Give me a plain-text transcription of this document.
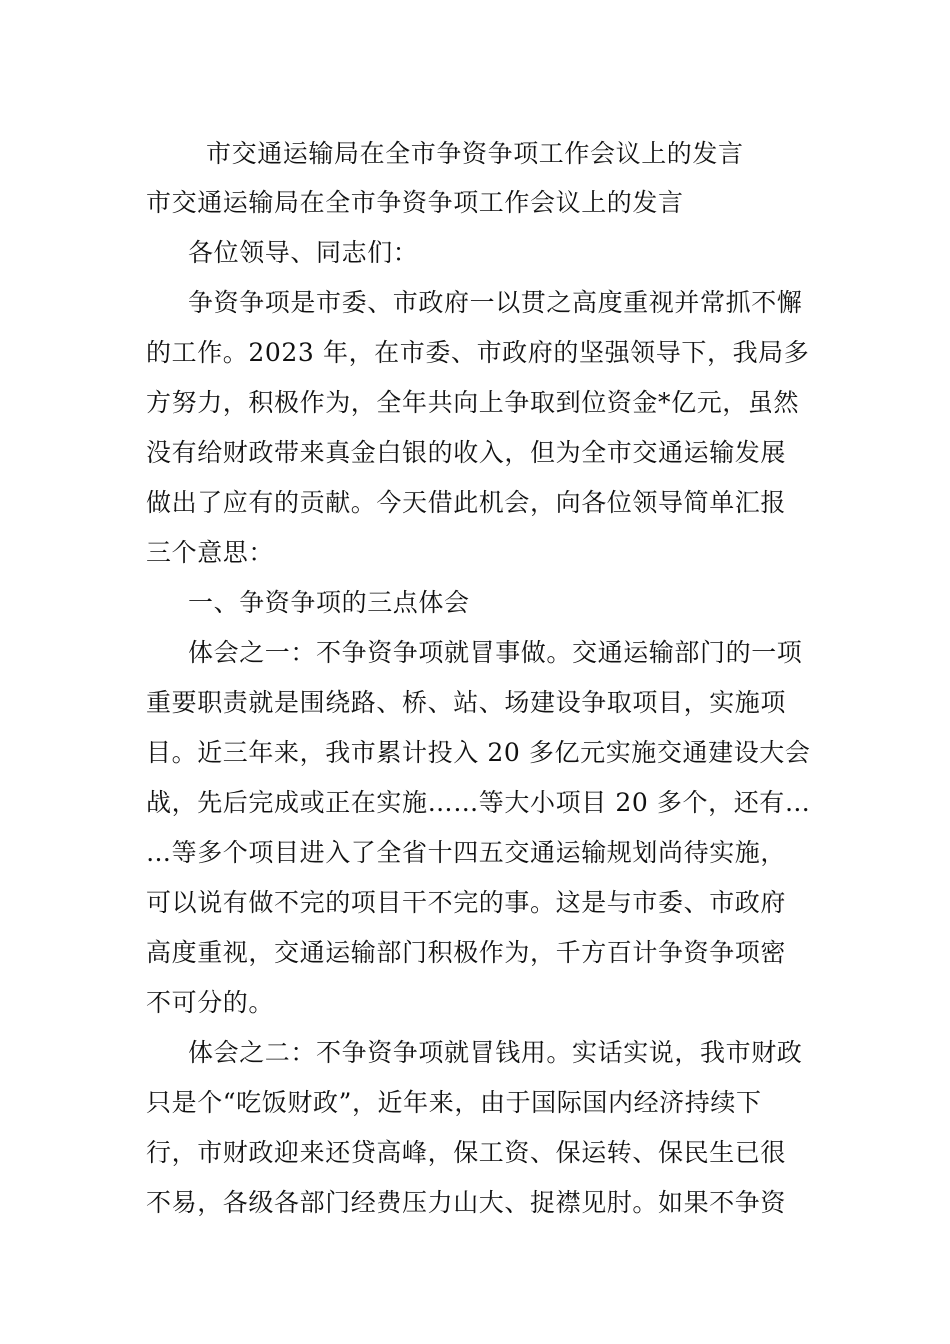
市交通运输局在全市争资争项工作会议上的发言
市交通运输局在全市争资争项工作会议上的发言
各位领导、同志们：
争资争项是市委、市政府一以贯之高度重视并常抓不懈
的工作。2023 年，在市委、市政府的坚强领导下，我局多
方努力，积极作为，全年共向上争取到位资金*亿元，虽然
没有给财政带来真金白银的收入，但为全市交通运输发展
做出了应有的贡献。今天借此机会，向各位领导简单汇报
三个意思：
一、争资争项的三点体会
体会之一：不争资争项就冒事做。交通运输部门的一项
重要职责就是围绕路、桥、站、场建设争取项目，实施项
目。近三年来，我市累计投入 20 多亿元实施交通建设大会
战，先后完成或正在实施……等大小项目 20 多个，还有…
…等多个项目进入了全省十四五交通运输规划尚待实施，
可以说有做不完的项目干不完的事。这是与市委、市政府
高度重视，交通运输部门积极作为，千方百计争资争项密
不可分的。
体会之二：不争资争项就冒钱用。实话实说，我市财政
只是个“吃饭财政”，近年来，由于国际国内经济持续下
行，市财政迎来还贷高峰，保工资、保运转、保民生已很
不易，各级各部门经费压力山大、捉襟见肘。如果不争资
